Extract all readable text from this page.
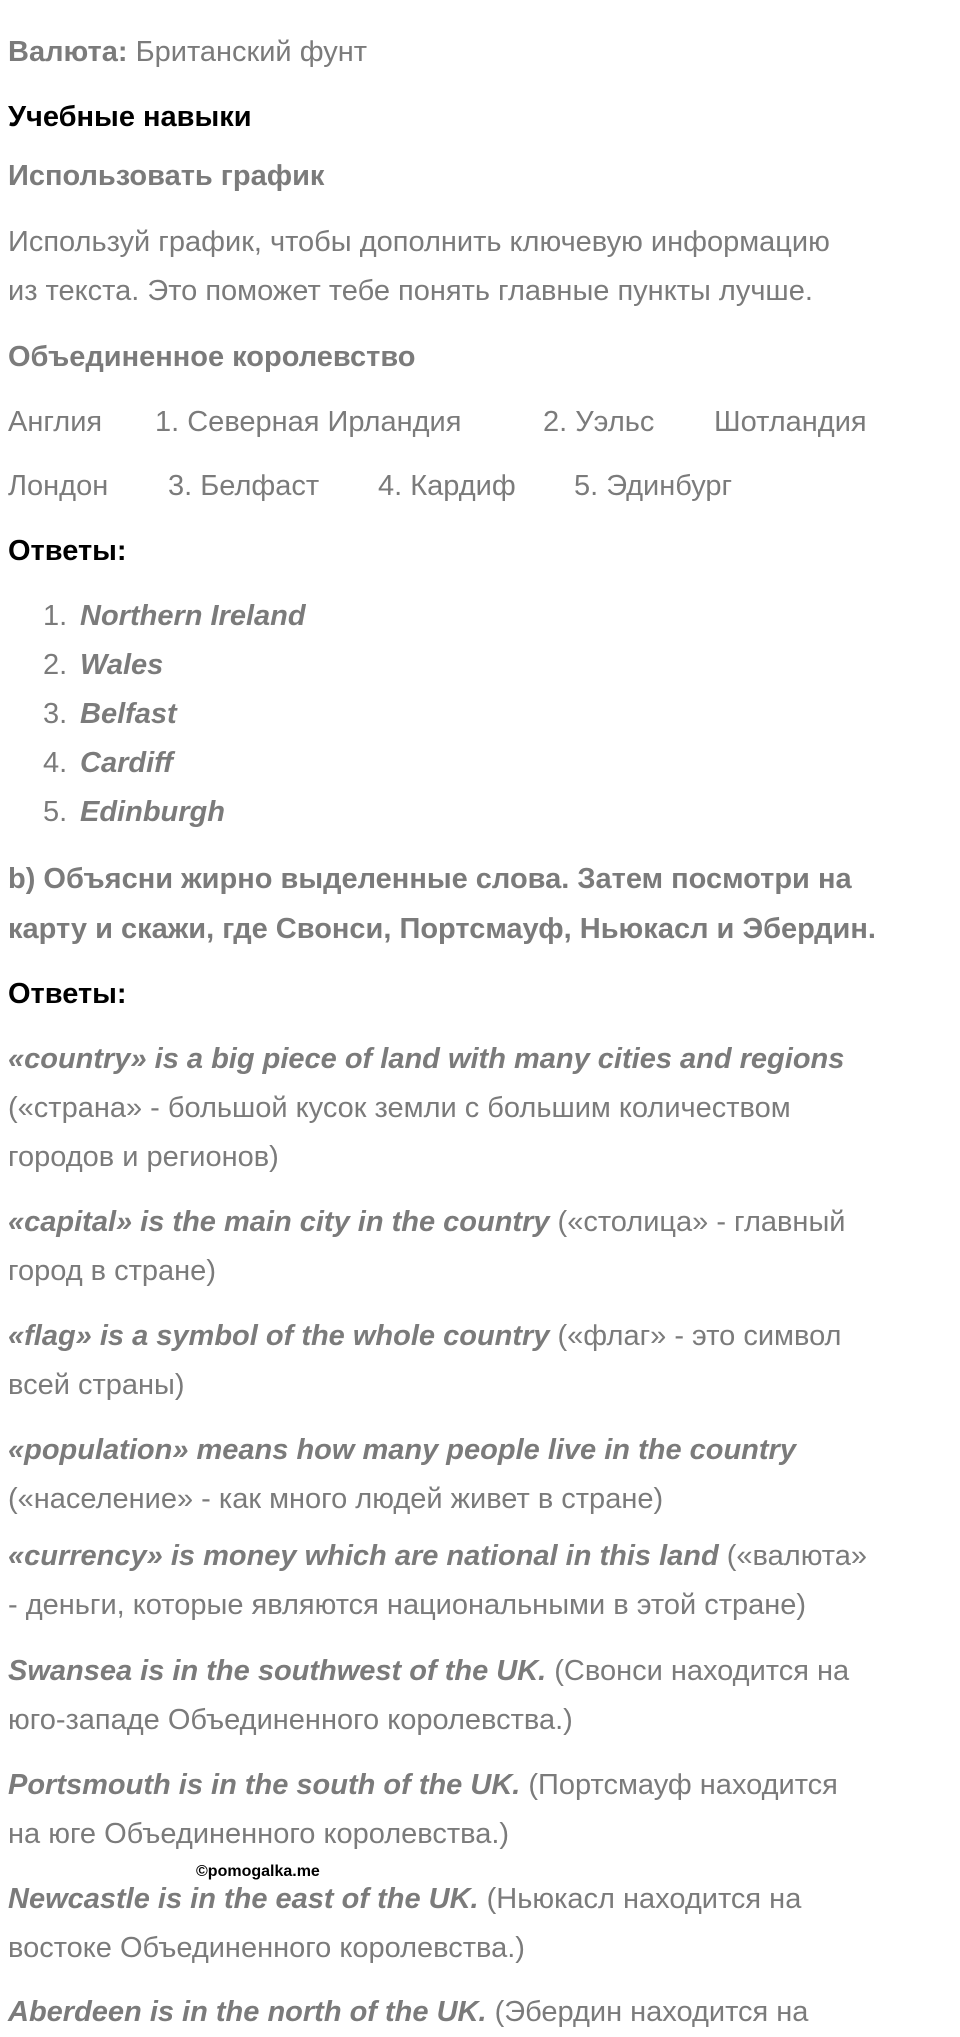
Валюта: Британский фунт
Учебные навыки
Использовать график
Используй график, чтобы дополнить ключевую информацию
из текста. Это поможет тебе понять главные пункты лучше.
Объединенное королевство
Англия 1. Северная Ирландия	2. Уэльс Шотландия
Лондон 3. Белфаст 4. Кардиф 5. Эдинбург
Ответы:
1. Northern Ireland
2. Wales
3. Belfast
4. Cardiff
5. Edinburgh
b) Объясни жирно выделенные слова. Затем посмотри на
карту и скажи, где Свонси, Портсмауф, Ньюкасл и Эбердин.
Ответы:
«country» is a big piece of land with many cities and regions
(«страна» - большой кусок земли с большим количеством
городов и регионов)
«capital» is the main city in the country («столица» - главный
город в стране)
«flag» is a symbol of the whole country («флаг» - это символ
всей страны)
«population» means how many people live in the country
(«население» - как много людей живет в стране)
«currency» is money which are national in this land («валюта»
- деньги, которые являются национальными в этой стране)
Swansea is in the southwest of the UK. (Свонси находится на
юго-западе Объединенного королевства.)
Portsmouth is in the south of the UK. (Портсмауф находится
на юге Объединенного королевства.)
©pomogalka.me
Newcastle is in the east of the UK. (Ньюкасл находится на
востоке Объединенного королевства.)
Aberdeen is in the north of the UK. (Эбердин находится на
